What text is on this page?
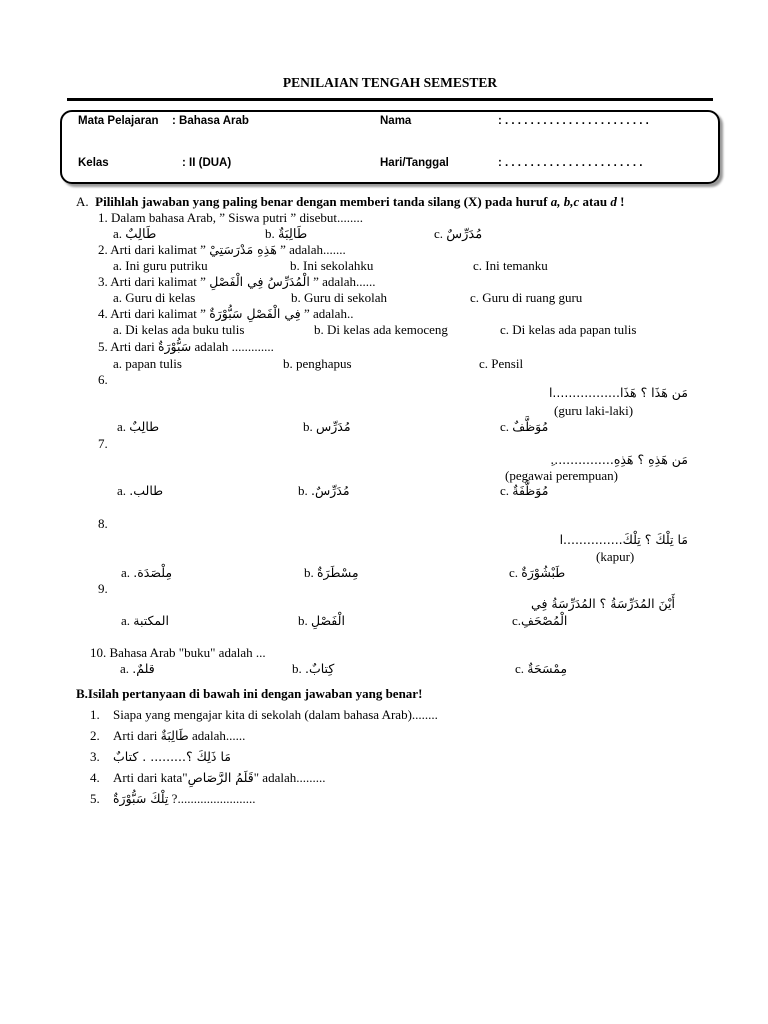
PENILAIAN TENGAH SEMESTER
Mata Pelajaran : Bahasa Arab	Nama	: . . . . . . . . . . . . . . . . . . . . . . .
Kelas	: II (DUA)	Hari/Tanggal	: . . . . . . . . . . . . . . . . . . . . . .
A. Pilihlah jawaban yang paling benar dengan memberi tanda silang (X) pada huruf a, b,c atau d !
1. Dalam bahasa Arab, ” Siswa putri ” disebut........
a. طَالِبٌ	b. طَالِبَةٌ	c. مُدَرِّسٌ
2. Arti dari kalimat ” هَذِهِ مَدْرَسَتِيْ ” adalah.......
a. Ini guru putriku	b. Ini sekolahku	c. Ini temanku
3. Arti dari kalimat ” الْمُدَرِّسُ فِي الْفَصْلِ ” adalah......
a. Guru di kelas	b. Guru di sekolah	c. Guru di ruang guru
4. Arti dari kalimat ” فِي الْفَصْلِ سَبُّوْرَةٌ ” adalah..
a. Di kelas ada buku tulis	b. Di kelas ada kemoceng	c. Di kelas ada papan tulis
5. Arti dari سَبُّوْرَةٌ adalah .............
a. papan tulis	b. penghapus	c. Pensil
6.
مَن هَذَا ؟ هَذَا.................ا
(guru laki-laki)
a. طالِبٌ	b. مُدَرِّس	c. مُوَظَّفٌ
7.
مَن هَذِهِ ؟ هَذِهِ................ِ
(pegawai perempuan)
a. طالب.	b. مُدَرِّسٌ.	c. مُوَظَّفَةٌ
8.
مَا تِلْكَ ؟ تِلْكَ...............ا
(kapur)
a. مِلْصَدَة.	b. مِسْطَرَةٌ	c. طَبْشُوْرَةٌ
9.
أَيْنَ المُدَرِّسَةُ ؟ المُدَرِّسَةُ فِي
a. المكتبة	b. الْفَصْلِ	c.الْمُصْحَفِ
10. Bahasa Arab "buku" adalah ...
a. قلمٌ.	b. كِتابٌ.	c. مِمْسَحَةٌ
B.Isilah pertanyaan di bawah ini dengan jawaban yang benar!
1. Siapa yang mengajar kita di sekolah (dalam bahasa Arab)........
2. Arti dari طَالِبَةٌ adalah......
3. مَا ذَلِكَ ؟......... . كتابٌ
4. Arti dari kata"قَلَمُ الرَّصَاصِ" adalah.........
5. تِلْكَ سَبُّوْرَةٌ ?........................
